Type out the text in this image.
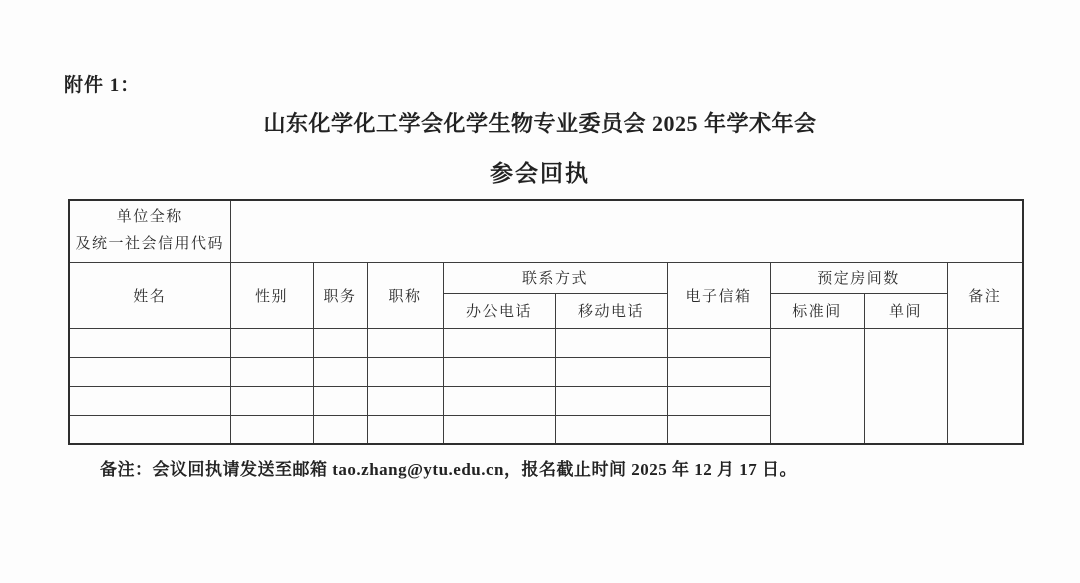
附件 1：
山东化学化工学会化学生物专业委员会 2025 年学术年会
参会回执
单位全称
及统一社会信用代码									

姓名	性别	职务	职称	联系方式		电子信箱	预定房间数		备注
				办公电话	移动电话		标准间	单间	

备注：会议回执请发送至邮箱 tao.zhang@ytu.edu.cn，报名截止时间 2025 年 12 月 17 日。
